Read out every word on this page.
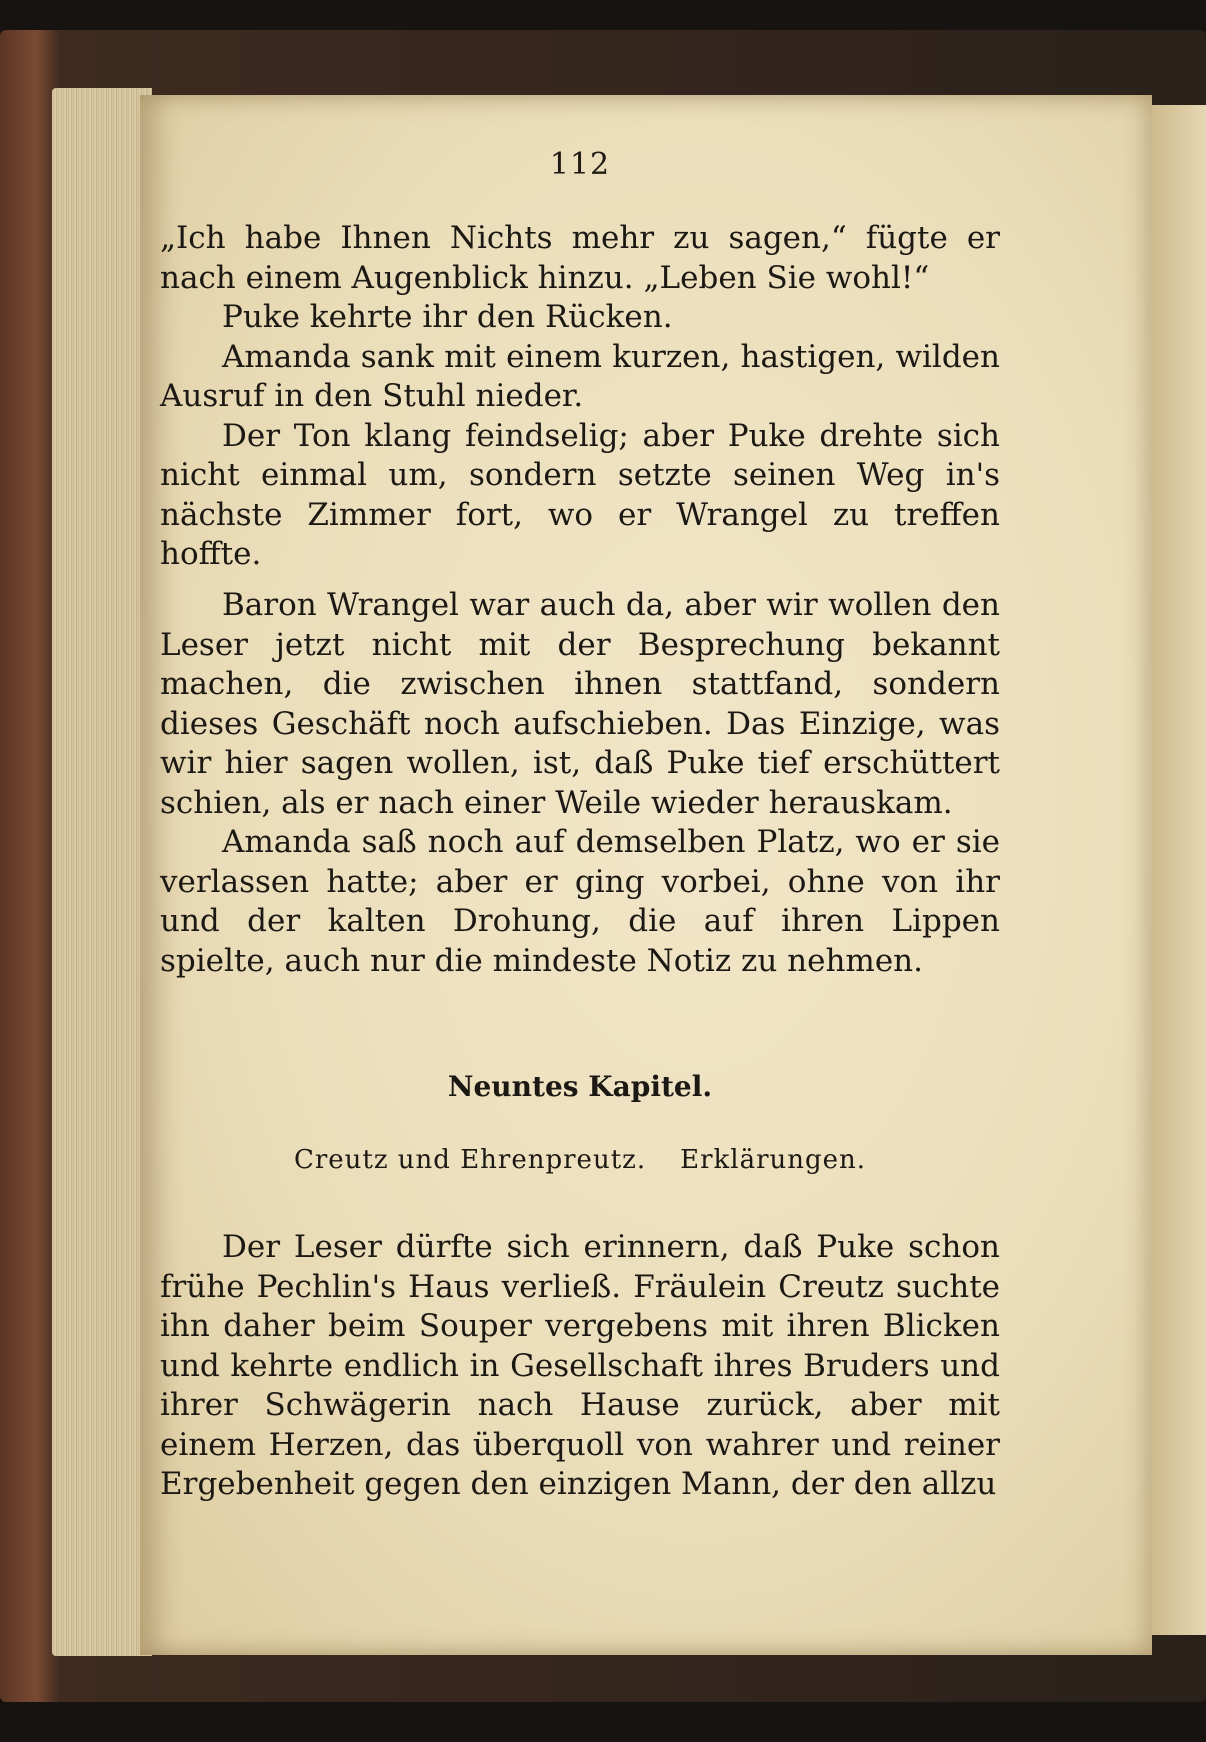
112

„Ich habe Ihnen Nichts mehr zu sagen,“ fügte er nach einem Augenblick hinzu. „Leben Sie wohl!“

Puke kehrte ihr den Rücken.

Amanda sank mit einem kurzen, hastigen, wilden Ausruf in den Stuhl nieder.

Der Ton klang feindselig; aber Puke drehte sich nicht einmal um, sondern setzte seinen Weg in's nächste Zimmer fort, wo er Wrangel zu treffen hoffte.

Baron Wrangel war auch da, aber wir wollen den Leser jetzt nicht mit der Besprechung bekannt machen, die zwischen ihnen stattfand, sondern dieses Geschäft noch aufschieben. Das Einzige, was wir hier sagen wollen, ist, daß Puke tief erschüttert schien, als er nach einer Weile wieder herauskam.

Amanda saß noch auf demselben Platz, wo er sie verlassen hatte; aber er ging vorbei, ohne von ihr und der kalten Drohung, die auf ihren Lippen spielte, auch nur die mindeste Notiz zu nehmen.

Neuntes Kapitel.
Creutz und Ehrenpreutz. Erklärungen.

Der Leser dürfte sich erinnern, daß Puke schon frühe Pechlin's Haus verließ. Fräulein Creutz suchte ihn daher beim Souper vergebens mit ihren Blicken und kehrte endlich in Gesellschaft ihres Bruders und ihrer Schwägerin nach Hause zurück, aber mit einem Herzen, das überquoll von wahrer und reiner Ergebenheit gegen den einzigen Mann, der den allzu
